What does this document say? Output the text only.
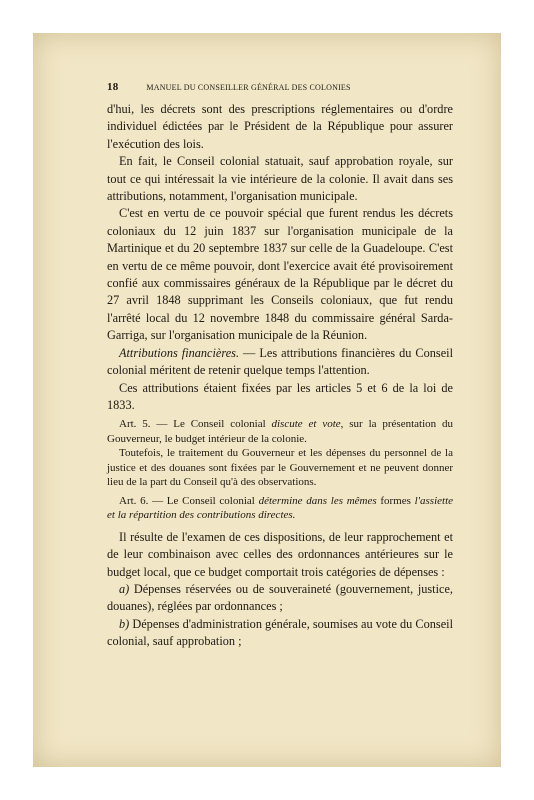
18	MANUEL DU CONSEILLER GÉNÉRAL DES COLONIES

d'hui, les décrets sont des prescriptions réglementaires ou d'ordre individuel édictées par le Président de la République pour assurer l'exécution des lois.

En fait, le Conseil colonial statuait, sauf approbation royale, sur tout ce qui intéressait la vie intérieure de la colonie. Il avait dans ses attributions, notamment, l'organisation municipale.

C'est en vertu de ce pouvoir spécial que furent rendus les décrets coloniaux du 12 juin 1837 sur l'organisation municipale de la Martinique et du 20 septembre 1837 sur celle de la Guadeloupe. C'est en vertu de ce même pouvoir, dont l'exercice avait été provisoirement confié aux commissaires généraux de la République par le décret du 27 avril 1848 supprimant les Conseils coloniaux, que fut rendu l'arrêté local du 12 novembre 1848 du commissaire général Sarda-Garriga, sur l'organisation municipale de la Réunion.

Attributions financières. — Les attributions financières du Conseil colonial méritent de retenir quelque temps l'attention.

Ces attributions étaient fixées par les articles 5 et 6 de la loi de 1833.

Art. 5. — Le Conseil colonial discute et vote, sur la présentation du Gouverneur, le budget intérieur de la colonie.

Toutefois, le traitement du Gouverneur et les dépenses du personnel de la justice et des douanes sont fixées par le Gouvernement et ne peuvent donner lieu de la part du Conseil qu'à des observations.

Art. 6. — Le Conseil colonial détermine dans les mêmes formes l'assiette et la répartition des contributions directes.

Il résulte de l'examen de ces dispositions, de leur rapprochement et de leur combinaison avec celles des ordonnances antérieures sur le budget local, que ce budget comportait trois catégories de dépenses :

a) Dépenses réservées ou de souveraineté (gouvernement, justice, douanes), réglées par ordonnances ;

b) Dépenses d'administration générale, soumises au vote du Conseil colonial, sauf approbation ;
